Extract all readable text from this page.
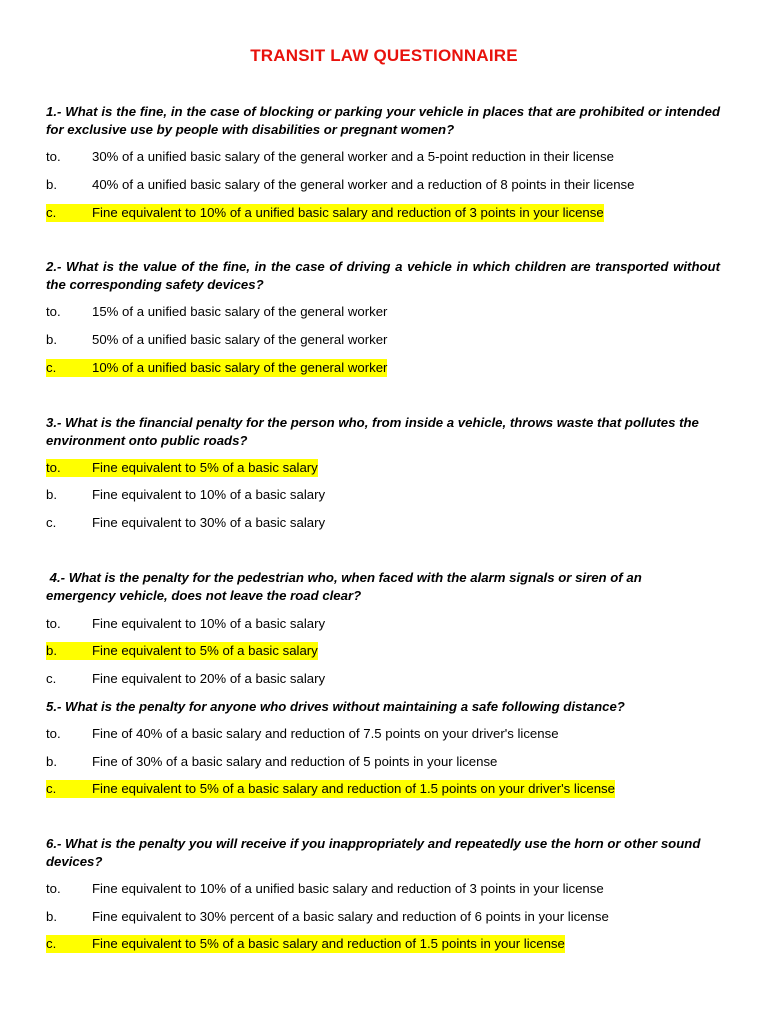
TRANSIT LAW QUESTIONNAIRE
1.- What is the fine, in the case of blocking or parking your vehicle in places that are prohibited or intended for exclusive use by people with disabilities or pregnant women?
to. 30% of a unified basic salary of the general worker and a 5-point reduction in their license
b.	40% of a unified basic salary of the general worker and a reduction of 8 points in their license
c.	Fine equivalent to 10% of a unified basic salary and reduction of 3 points in your license
2.- What is the value of the fine, in the case of driving a vehicle in which children are transported without the corresponding safety devices?
to. 15% of a unified basic salary of the general worker
b.	50% of a unified basic salary of the general worker
c.	10% of a unified basic salary of the general worker
3.- What is the financial penalty for the person who, from inside a vehicle, throws waste that pollutes the environment onto public roads?
to. Fine equivalent to 5% of a basic salary
b.	Fine equivalent to 10% of a basic salary
c.	Fine equivalent to 30% of a basic salary
4.- What is the penalty for the pedestrian who, when faced with the alarm signals or siren of an emergency vehicle, does not leave the road clear?
to. Fine equivalent to 10% of a basic salary
b.	Fine equivalent to 5% of a basic salary
c.	Fine equivalent to 20% of a basic salary
5.- What is the penalty for anyone who drives without maintaining a safe following distance?
to. Fine of 40% of a basic salary and reduction of 7.5 points on your driver's license
b.	Fine of 30% of a basic salary and reduction of 5 points in your license
c.	Fine equivalent to 5% of a basic salary and reduction of 1.5 points on your driver's license
6.- What is the penalty you will receive if you inappropriately and repeatedly use the horn or other sound devices?
to. Fine equivalent to 10% of a unified basic salary and reduction of 3 points in your license
b.	Fine equivalent to 30% percent of a basic salary and reduction of 6 points in your license
c.	Fine equivalent to 5% of a basic salary and reduction of 1.5 points in your license
